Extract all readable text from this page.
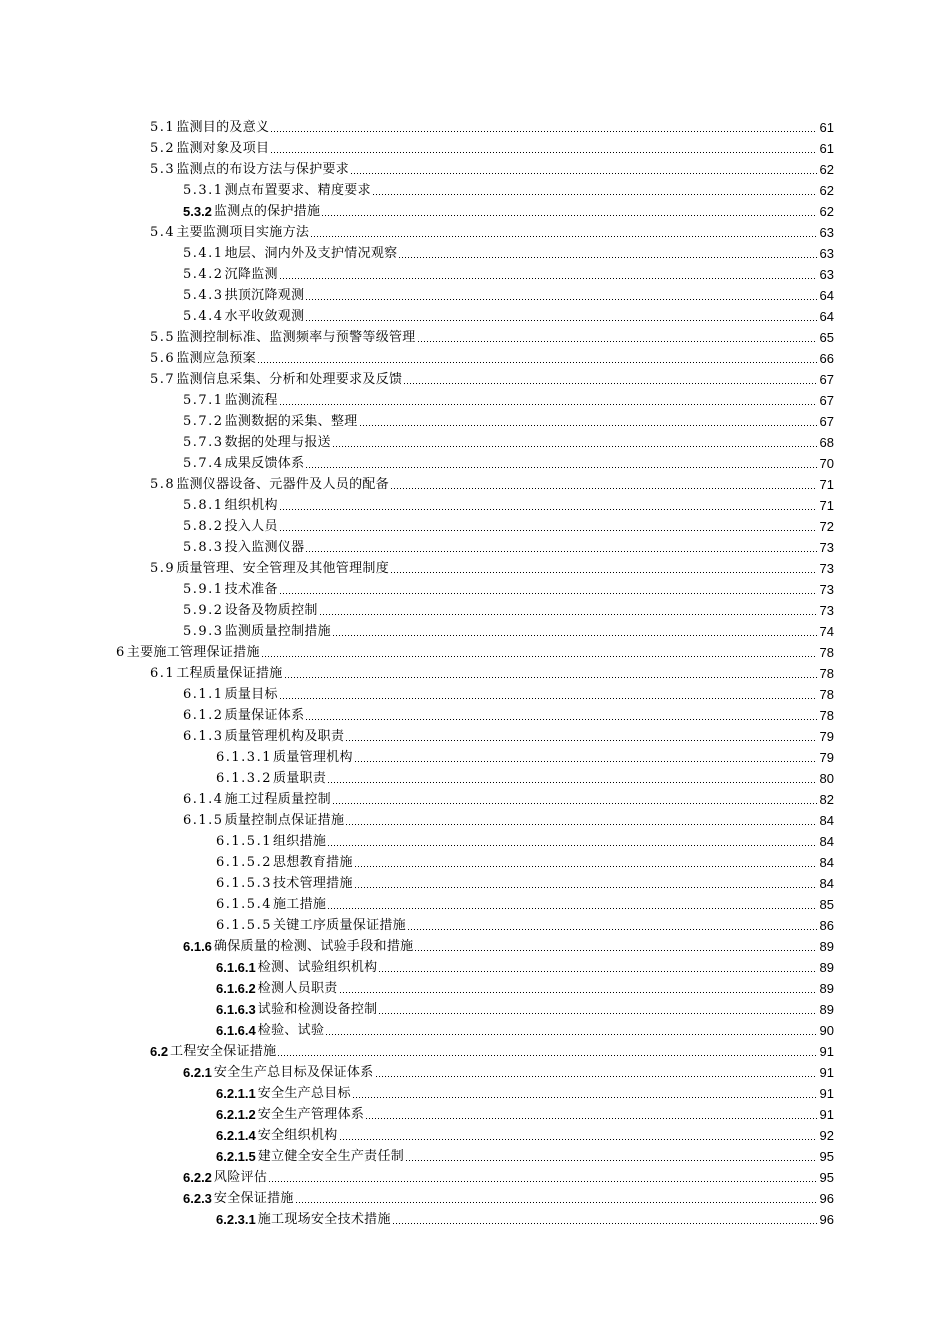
5.1 监测目的及意义	61
5.2 监测对象及项目	61
5.3 监测点的布设方法与保护要求	62
5.3.1 测点布置要求、精度要求	62
5.3.2 监测点的保护措施	62
5.4 主要监测项目实施方法	63
5.4.1 地层、洞内外及支护情况观察	63
5.4.2 沉降监测	63
5.4.3 拱顶沉降观测	64
5.4.4 水平收敛观测	64
5.5 监测控制标准、监测频率与预警等级管理	65
5.6 监测应急预案	66
5.7 监测信息采集、分析和处理要求及反馈	67
5.7.1 监测流程	67
5.7.2 监测数据的采集、整理	67
5.7.3 数据的处理与报送	68
5.7.4 成果反馈体系	70
5.8 监测仪器设备、元器件及人员的配备	71
5.8.1 组织机构	71
5.8.2 投入人员	72
5.8.3 投入监测仪器	73
5.9 质量管理、安全管理及其他管理制度	73
5.9.1 技术准备	73
5.9.2 设备及物质控制	73
5.9.3 监测质量控制措施	74
6 主要施工管理保证措施	78
6.1 工程质量保证措施	78
6.1.1 质量目标	78
6.1.2 质量保证体系	78
6.1.3 质量管理机构及职责	79
6.1.3.1 质量管理机构	79
6.1.3.2 质量职责	80
6.1.4 施工过程质量控制	82
6.1.5 质量控制点保证措施	84
6.1.5.1 组织措施	84
6.1.5.2 思想教育措施	84
6.1.5.3 技术管理措施	84
6.1.5.4 施工措施	85
6.1.5.5 关键工序质量保证措施	86
6.1.6 确保质量的检测、试验手段和措施	89
6.1.6.1 检测、试验组织机构	89
6.1.6.2 检测人员职责	89
6.1.6.3 试验和检测设备控制	89
6.1.6.4 检验、试验	90
6.2 工程安全保证措施	91
6.2.1 安全生产总目标及保证体系	91
6.2.1.1 安全生产总目标	91
6.2.1.2 安全生产管理体系	91
6.2.1.4 安全组织机构	92
6.2.1.5 建立健全安全生产责任制	95
6.2.2 风险评估	95
6.2.3 安全保证措施	96
6.2.3.1 施工现场安全技术措施	96
